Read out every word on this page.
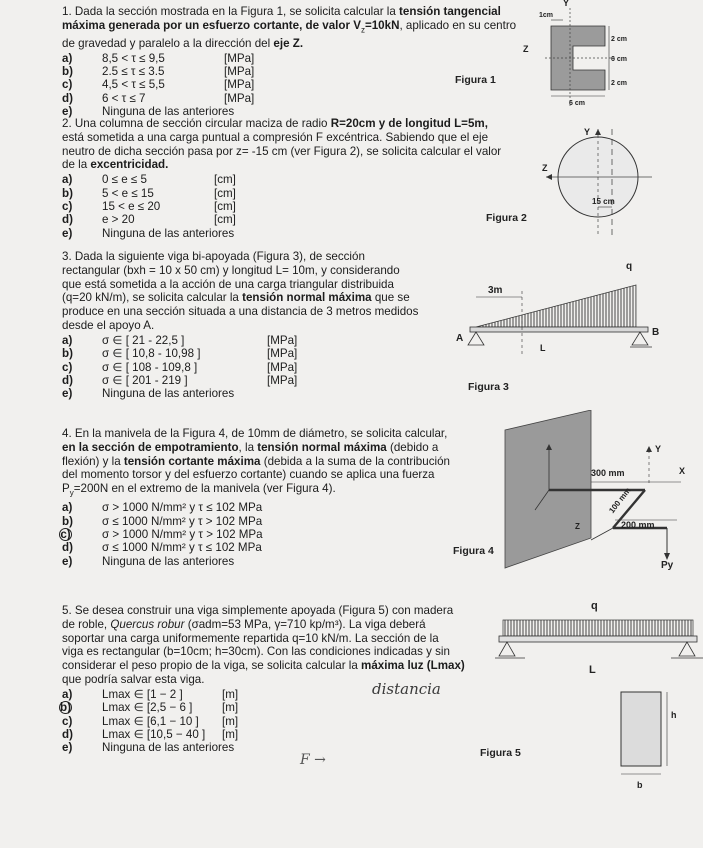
1. Dada la sección mostrada en la Figura 1, se solicita calcular la tensión tangencial
máxima generada por un esfuerzo cortante, de valor $V_z=10kN$, aplicado en su centro
de gravedad y paralelo a la dirección del eje Z.

a)	8,5 < τ ≤ 9,5	[MPa]
b)	2.5 ≤ τ ≤ 3.5	[MPa]
c)	4,5 < τ ≤ 5,5	[MPa]
d)	6 < τ ≤ 7	[MPa]
e)	Ninguna de las anteriores
1cm
Y
Z
2 cm
6 cm
2 cm
6 cm
Figura 1

2. Una columna de sección circular maciza de radio R=20cm y de longitud L=5m,
está sometida a una carga puntual a compresión F excéntrica. Sabiendo que el eje
neutro de dicha sección pasa por z= -15 cm (ver Figura 2), se solicita calcular el valor
de la excentricidad.

a)	0 ≤ e ≤ 5	[cm]
b)	5 < e ≤ 15	[cm]
c)	15 < e ≤ 20	[cm]
d)	e > 20	[cm]
e)	Ninguna de las anteriores
Y
Z
15 cm
Figura 2

3. Dada la siguiente viga bi-apoyada (Figura 3), de sección
rectangular (bxh = 10 x 50 cm) y longitud L= 10m, y considerando
que está sometida a la acción de una carga triangular distribuida
(q=20 kN/m), se solicita calcular la tensión normal máxima que se
produce en una sección situada a una distancia de 3 metros medidos
desde el apoyo A.

a)	σ ∈ [ 21 - 22,5 ]	[MPa]
b)	σ ∈ [ 10,8 - 10,98 ]	[MPa]
c)	σ ∈ [ 108 - 109,8 ]	[MPa]
d)	σ ∈ [ 201 - 219 ]	[MPa]
e)	Ninguna de las anteriores
q
3m
A
B
L
Figura 3

4. En la manivela de la Figura 4, de 10mm de diámetro, se solicita calcular,
en la sección de empotramiento, la tensión normal máxima (debido a
flexión) y la tensión cortante máxima (debida a la suma de la contribución
del momento torsor y del esfuerzo cortante) cuando se aplica una fuerza
$P_y=200N$ en el extremo de la manivela (ver Figura 4).

a)	σ > 1000 N/mm² y τ ≤ 102 MPa
b)	σ ≤ 1000 N/mm² y τ > 102 MPa
c)	σ > 1000 N/mm² y τ > 102 MPa
d)	σ ≤ 1000 N/mm² y τ ≤ 102 MPa
e)	Ninguna de las anteriores
Y
X
300 mm
100 mm
200 mm
Z
Py
Figura 4

5. Se desea construir una viga simplemente apoyada (Figura 5) con madera
de roble, Quercus robur (σadm=53 MPa, γ=710 kp/m³). La viga deberá
soportar una carga uniformemente repartida q=10 kN/m. La sección de la
viga es rectangular (b=10cm; h=30cm). Con las condiciones indicadas y sin
considerar el peso propio de la viga, se solicita calcular la máxima luz (Lmax)
que podría salvar esta viga.

a)	Lmax ∈ [1 − 2 ]	[m]
b)	Lmax ∈ [2,5 − 6 ]	[m]
c)	Lmax ∈ [6,1 − 10 ]	[m]
d)	Lmax ∈ [10,5 − 40 ]	[m]
e)	Ninguna de las anteriores
distancia
F →
q
L
h
b
Figura 5
